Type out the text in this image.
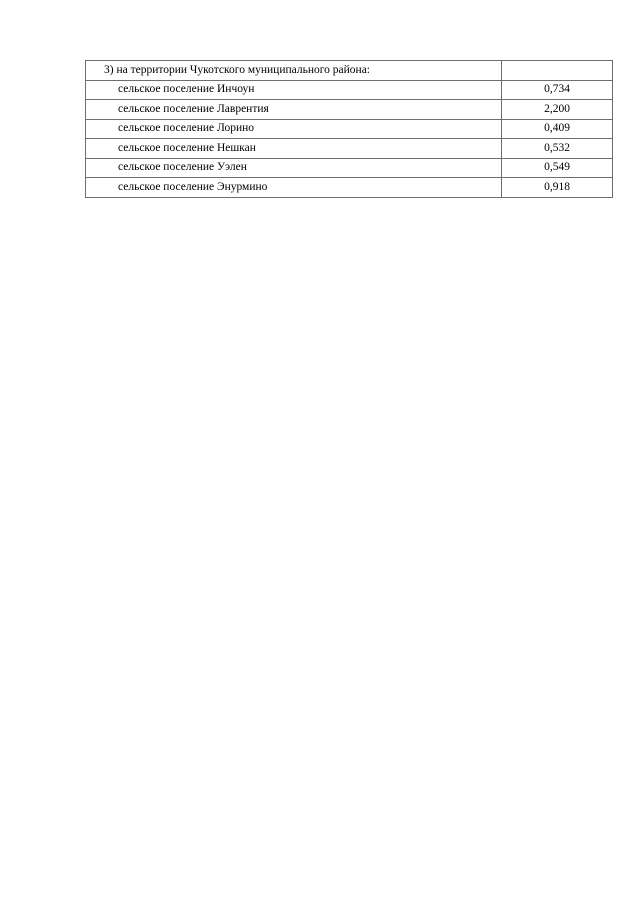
3) на территории Чукотского муниципального района:	
сельское поселение Инчоун	0,734
сельское поселение Лаврентия	2,200
сельское поселение Лорино	0,409
сельское поселение Нешкан	0,532
сельское поселение Уэлен	0,549
сельское поселение Энурмино	0,918
